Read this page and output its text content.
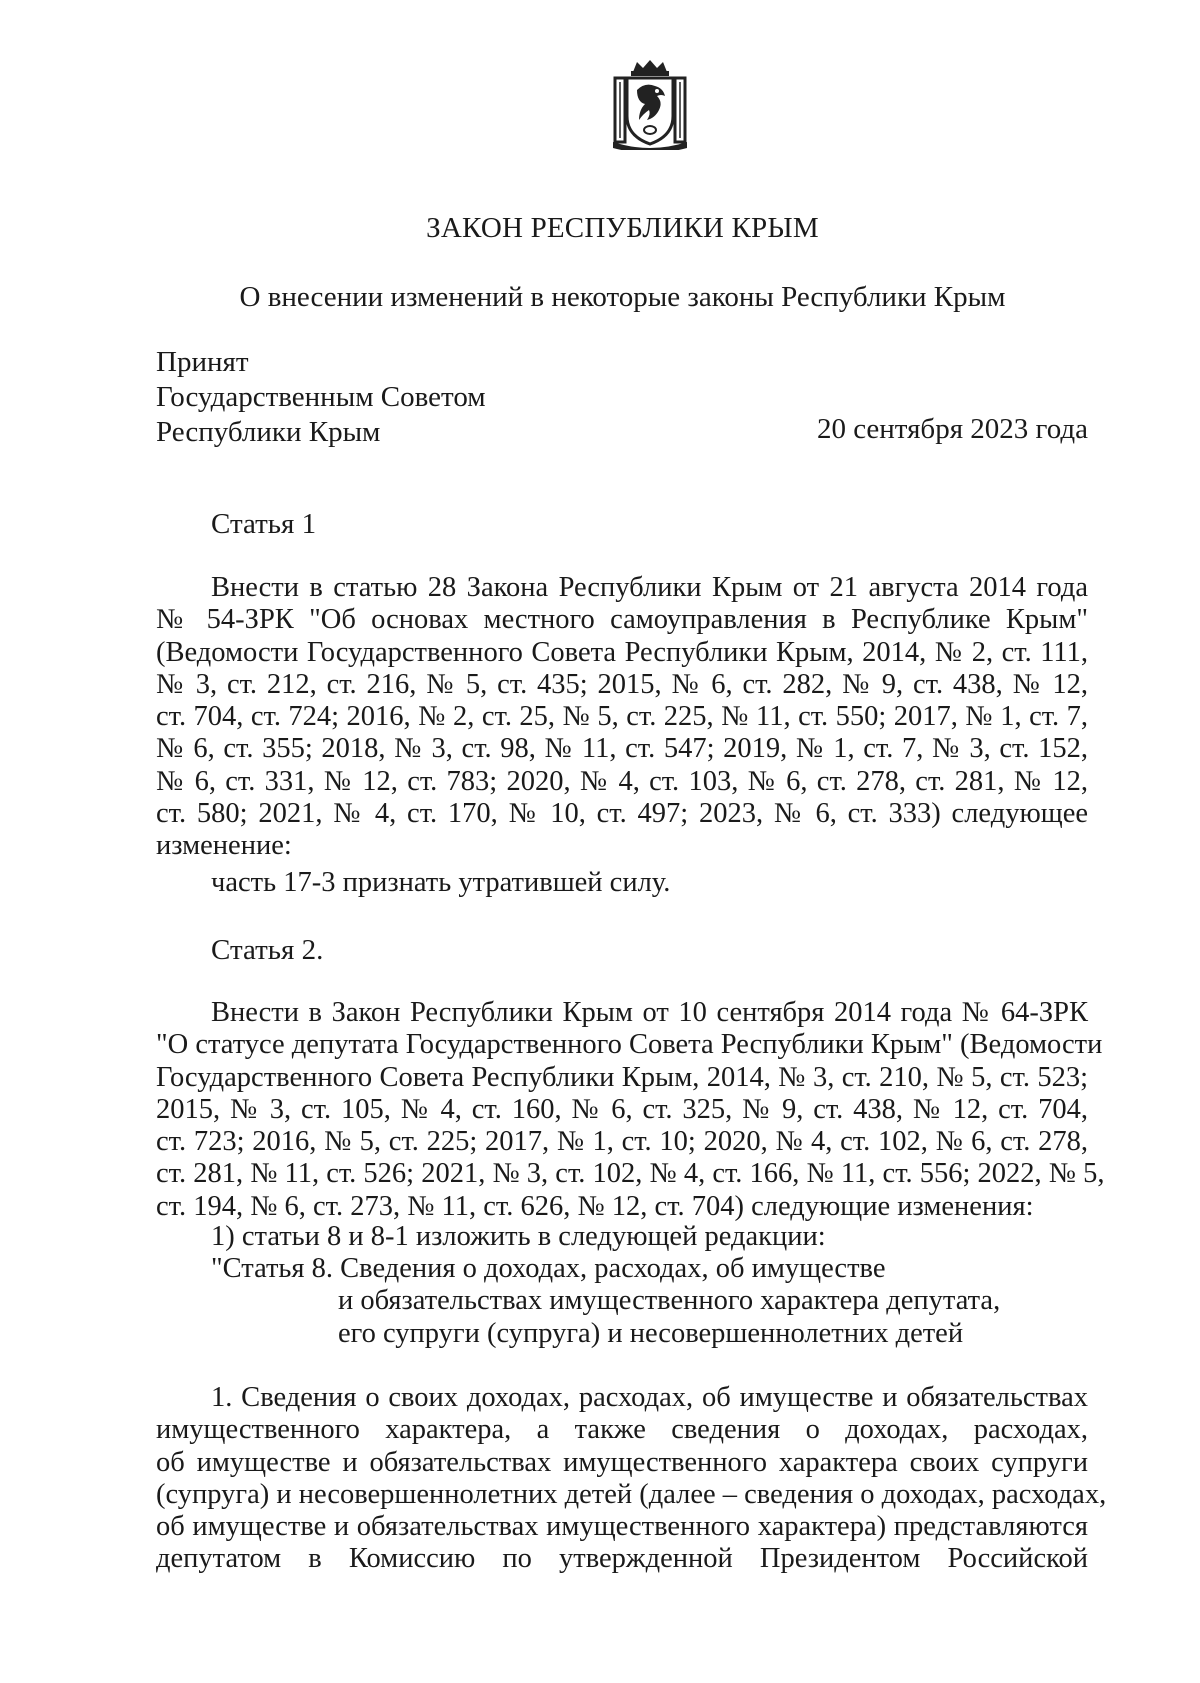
ЗАКОН РЕСПУБЛИКИ КРЫМ
О внесении изменений в некоторые законы Республики Крым
Принят
Государственным Советом
Республики Крым	20 сентября 2023 года
Статья 1
Внести в статью 28 Закона Республики Крым от 21 августа 2014 года
№ 54-ЗРК "Об основах местного самоуправления в Республике Крым"
(Ведомости Государственного Совета Республики Крым, 2014, № 2, ст. 111,
№ 3, ст. 212, ст. 216, № 5, ст. 435; 2015, № 6, ст. 282, № 9, ст. 438, № 12,
ст. 704, ст. 724; 2016, № 2, ст. 25, № 5, ст. 225, № 11, ст. 550; 2017, № 1, ст. 7,
№ 6, ст. 355; 2018, № 3, ст. 98, № 11, ст. 547; 2019, № 1, ст. 7, № 3, ст. 152,
№ 6, ст. 331, № 12, ст. 783; 2020, № 4, ст. 103, № 6, ст. 278, ст. 281, № 12,
ст. 580; 2021, № 4, ст. 170, № 10, ст. 497; 2023, № 6, ст. 333) следующее
изменение:
часть 17-3 признать утратившей силу.
Статья 2.
Внести в Закон Республики Крым от 10 сентября 2014 года № 64-ЗРК
"О статусе депутата Государственного Совета Республики Крым" (Ведомости
Государственного Совета Республики Крым, 2014, № 3, ст. 210, № 5, ст. 523;
2015, № 3, ст. 105, № 4, ст. 160, № 6, ст. 325, № 9, ст. 438, № 12, ст. 704,
ст. 723; 2016, № 5, ст. 225; 2017, № 1, ст. 10; 2020, № 4, ст. 102, № 6, ст. 278,
ст. 281, № 11, ст. 526; 2021, № 3, ст. 102, № 4, ст. 166, № 11, ст. 556; 2022, № 5,
ст. 194, № 6, ст. 273, № 11, ст. 626, № 12, ст. 704) следующие изменения:
1) статьи 8 и 8-1 изложить в следующей редакции:
"Статья 8. Сведения о доходах, расходах, об имуществе
и обязательствах имущественного характера депутата,
его супруги (супруга) и несовершеннолетних детей
1. Сведения о своих доходах, расходах, об имуществе и обязательствах
имущественного характера, а также сведения о доходах, расходах,
об имуществе и обязательствах имущественного характера своих супруги
(супруга) и несовершеннолетних детей (далее – сведения о доходах, расходах,
об имуществе и обязательствах имущественного характера) представляются
депутатом в Комиссию по утвержденной Президентом Российской
